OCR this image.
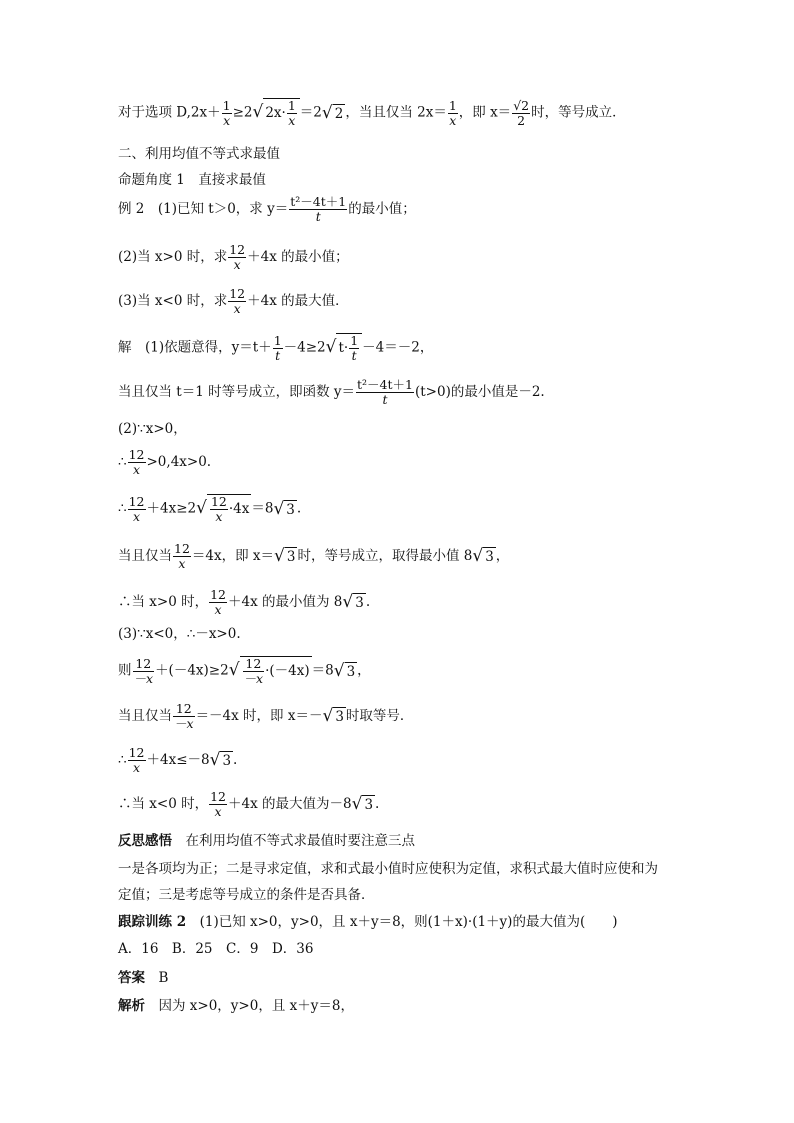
对于选项 $D,2x+ \frac{1}{x} \ge 2√$ $2x\cdot \frac{1}{x} =2√$ 2 ，当且仅当 $2x= \frac{1}{x}$ ，即 $x= \frac{√2}{2}$ 时，等号成立．
二、利用均值不等式求最值
命题角度 1　直接求最值
例 2　(1)已知 t＞0，求 $y= \frac{\text{t²－4t＋1}}{t}$ 的最小值；
(2)当 x>0 时，求 $\frac{12}{x} +4x$ 的最小值；
(3)当 x<0 时，求 $\frac{12}{x} +4x$ 的最大值．
解　(1)依题意得，$y=t+ \frac{1}{t} -4\ge 2√$ $t\cdot \frac{1}{t} -4=-2$，
当且仅当 t＝1 时等号成立，即函数 $y= \frac{\text{t²－4t＋1}}{t} (t>0)$的最小值是－2.
(2)∵x>0，
∴ $\frac{12}{x} >0,4x>0$.
∴ $\frac{12}{x} +4x\ge 2√ \frac{12}{x} \cdot 4x =8√$ 3 .
当且仅当 $\frac{12}{x} =4x$，即 x＝√ 3 时，等号成立，取得最小值 8√ 3 ，
∴当 x>0 时， $\frac{12}{x} +4x$ 的最小值为 8√ 3 .
(3)∵x<0，∴－x>0.
则 $\frac{12}{-x} +(-4x)\ge 2√ \frac{12}{-x} \cdot(-4x) =8√$ 3 ，
当且仅当 $\frac{12}{-x} =-4x$ 时，即 x＝－√ 3 时取等号．
∴ $\frac{12}{x} +4x\le-8√$ 3 .
∴当 x<0 时， $\frac{12}{x} +4x$ 的最大值为－8√ 3 .
反思感悟　在利用均值不等式求最值时要注意三点
一是各项均为正；二是寻求定值，求和式最小值时应使积为定值，求积式最大值时应使和为
定值；三是考虑等号成立的条件是否具备．
跟踪训练 2　(1)已知 x>0，y>0，且 x＋y＝8，则(1＋x)·(1＋y)的最大值为(　　)
A．16　B．25　C．9　D．36
答案　B
解析　因为 x>0，y>0，且 x＋y＝8，
